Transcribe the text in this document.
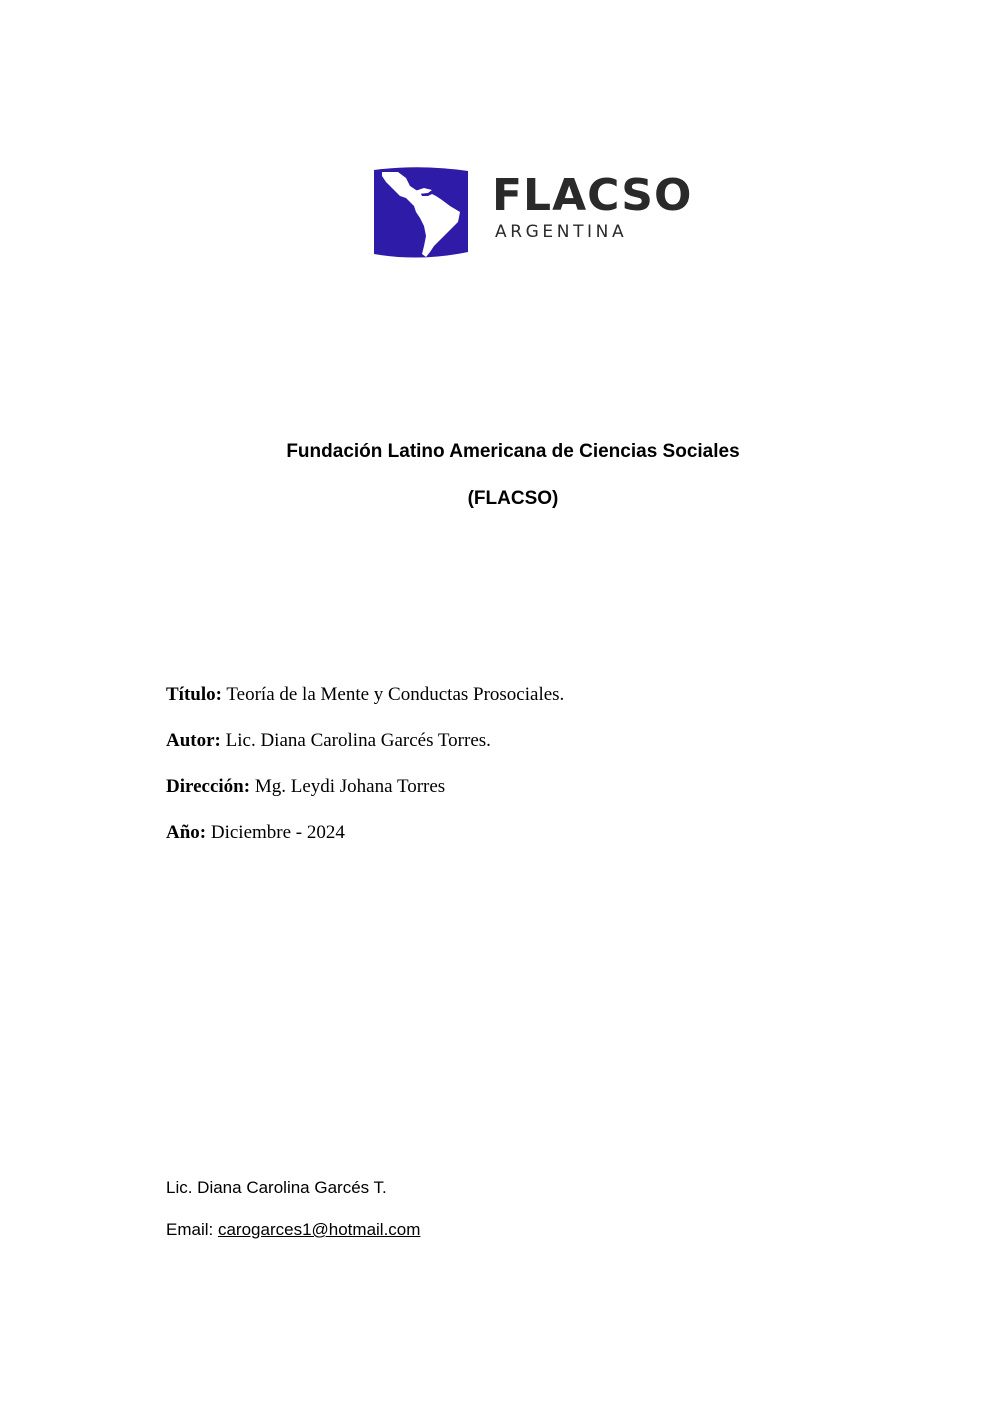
FLACSO
ARGENTINA
Fundación Latino Americana de Ciencias Sociales
(FLACSO)
Título: Teoría de la Mente y Conductas Prosociales.
Autor: Lic. Diana Carolina Garcés Torres.
Dirección: Mg. Leydi Johana Torres
Año: Diciembre - 2024
Lic. Diana Carolina Garcés T.
Email: carogarces1@hotmail.com
